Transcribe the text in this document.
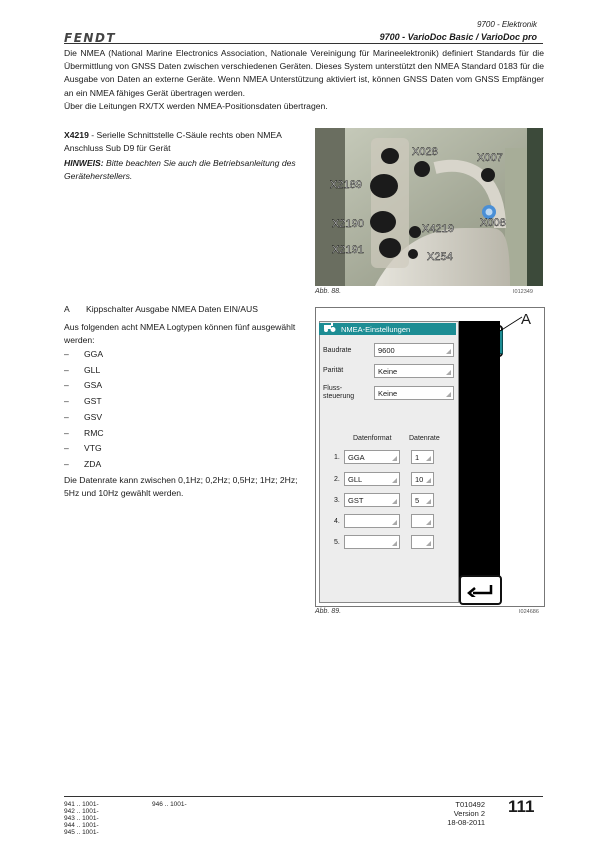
FENDT
9700 - Elektronik
9700 - VarioDoc Basic / VarioDoc pro

Die NMEA (National Marine Electronics Association, Nationale Vereinigung für Marineelektronik) definiert Standards für die Übermittlung von GNSS Daten zwischen verschiedenen Geräten. Dieses System unterstützt den NMEA Standard 0183 für die Ausgabe von Daten an externe Geräte. Wenn NMEA Unterstützung aktiviert ist, können GNSS Daten vom GNSS Empfänger an ein NMEA fähiges Gerät übertragen werden.

Über die Leitungen RX/TX werden NMEA-Positionsdaten übertragen.

X4219 - Serielle Schnittstelle C-Säule rechts oben NMEA Anschluss Sub D9 für Gerät
HINWEIS: Bitte beachten Sie auch die Betriebsanleitung des Geräteherstellers.
X028	X007
X2189
X2190	X4219 X008
X2191
X254
Abb. 88.	I012349
A	Kippschalter Ausgabe NMEA Daten EIN/AUS
Aus folgenden acht NMEA Logtypen können fünf ausgewählt werden:
–	GGA
–	GLL
–	GSA
–	GST
–	GSV
–	RMC
–	VTG
–	ZDA
Die Datenrate kann zwischen 0,1Hz; 0,2Hz; 0,5Hz; 1Hz; 2Hz; 5Hz und 10Hz gewählt werden.
NMEA-Einstellungen
Baudrate	9600
Parität	Keine
Fluss-
steuerung	Keine
Datenformat Datenrate
1.	GGA	1
2.	GLL	10
3.	GST	5
4.
5.
A
Abb. 89.	I024686
941 .. 1001-
942 .. 1001-
943 .. 1001-
944 .. 1001-
945 .. 1001-
946 .. 1001-	T010492
Version 2
18-08-2011
111
